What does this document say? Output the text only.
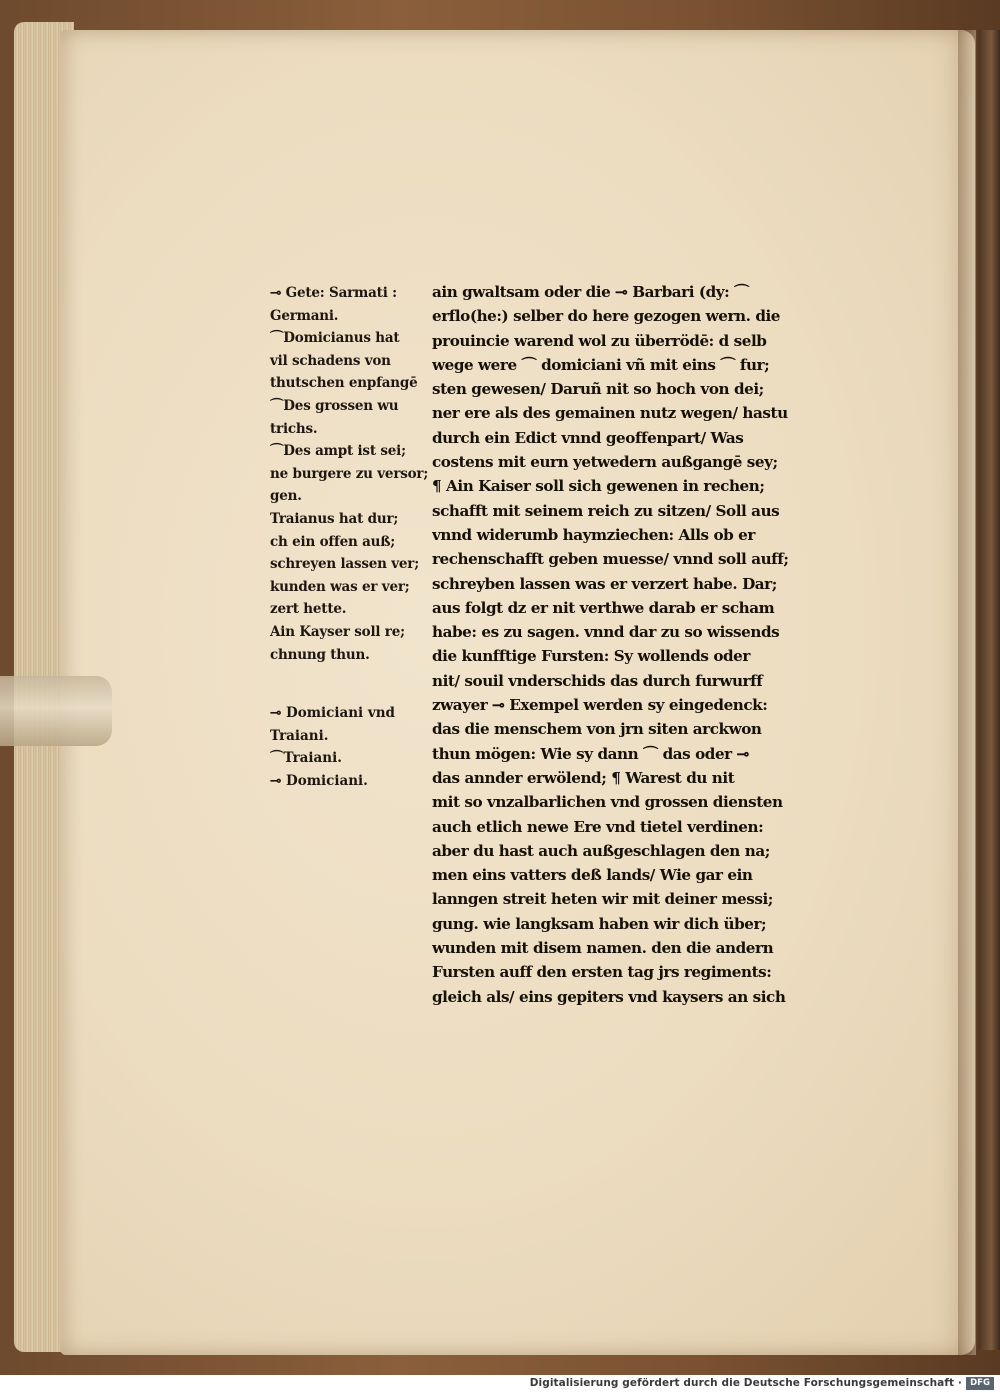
⊸ Gete: Sarmati :
Germani.
⌒Domicianus hat
vil schadens von
thutschen enpfangē
⌒Des grossen wu
trichs.
⌒Des ampt ist sei;
ne burgere zu versor;
gen.
Traianus hat dur;
ch ein offen auß;
schreyen lassen ver;
kunden was er ver;
zert hette.
Ain Kayser soll re;
chnung thun.
⊸ Domiciani vnd
Traiani.
⌒Traiani.
⊸ Domiciani.
ain gwaltsam oder die ⊸ Barbari (dy: ⌒
erflo(he:) selber do here gezogen wern. die
prouincie warend wol zu überrödē: d selb
wege were ⌒ domiciani vñ mit eins ⌒ fur;
sten gewesen/ Daruñ nit so hoch von dei;
ner ere als des gemainen nutz wegen/ hastu
durch ein Edict vnnd geoffenpart/ Was
costens mit eurn yetwedern außgangē sey;
¶ Ain Kaiser soll sich gewenen in rechen;
schafft mit seinem reich zu sitzen/ Soll aus
vnnd widerumb haymziechen: Alls ob er
rechenschafft geben muesse/ vnnd soll auff;
schreyben lassen was er verzert habe. Dar;
aus folgt dz er nit verthwe darab er scham
habe: es zu sagen. vnnd dar zu so wissends
die kunfftige Fursten: Sy wollends oder
nit/ souil vnderschids das durch furwurff
zwayer ⊸ Exempel werden sy eingedenck:
das die menschem von jrn siten arckwon
thun mögen: Wie sy dann ⌒ das oder ⊸
das annder erwölend; ¶ Warest du nit
mit so vnzalbarlichen vnd grossen diensten
auch etlich newe Ere vnd tietel verdinen:
aber du hast auch außgeschlagen den na;
men eins vatters deß lands/ Wie gar ein
lanngen streit heten wir mit deiner messi;
gung. wie langksam haben wir dich über;
wunden mit disem namen. den die andern
Fursten auff den ersten tag jrs regiments:
gleich als/ eins gepiters vnd kaysers an sich
Digitalisierung gefördert durch die Deutsche Forschungsgemeinschaft · DFG
